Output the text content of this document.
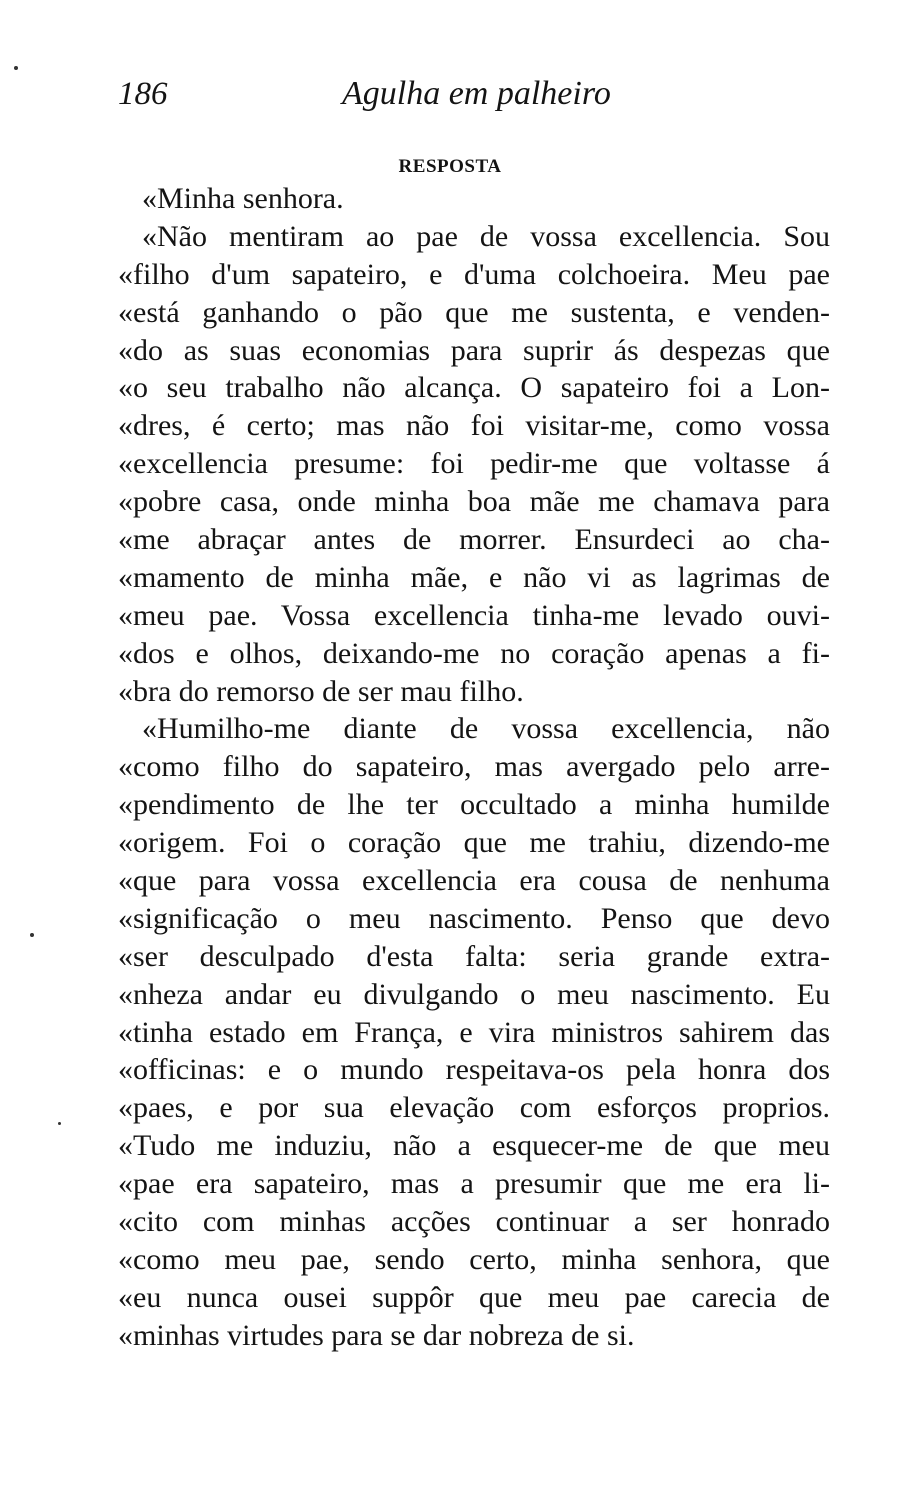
186	Agulha em palheiro
RESPOSTA
«Minha senhora.
«Não mentiram ao pae de vossa excellencia. Sou
«filho d'um sapateiro, e d'uma colchoeira. Meu pae
«está ganhando o pão que me sustenta, e venden-
«do as suas economias para suprir ás despezas que
«o seu trabalho não alcança. O sapateiro foi a Lon-
«dres, é certo; mas não foi visitar-me, como vossa
«excellencia presume: foi pedir-me que voltasse á
«pobre casa, onde minha boa mãe me chamava para
«me abraçar antes de morrer. Ensurdeci ao cha-
«mamento de minha mãe, e não vi as lagrimas de
«meu pae. Vossa excellencia tinha-me levado ouvi-
«dos e olhos, deixando-me no coração apenas a fi-
«bra do remorso de ser mau filho.
«Humilho-me diante de vossa excellencia, não
«como filho do sapateiro, mas avergado pelo arre-
«pendimento de lhe ter occultado a minha humilde
«origem. Foi o coração que me trahiu, dizendo-me
«que para vossa excellencia era cousa de nenhuma
«significação o meu nascimento. Penso que devo
«ser desculpado d'esta falta: seria grande extra-
«nheza andar eu divulgando o meu nascimento. Eu
«tinha estado em França, e vira ministros sahirem das
«officinas: e o mundo respeitava-os pela honra dos
«paes, e por sua elevação com esforços proprios.
«Tudo me induziu, não a esquecer-me de que meu
«pae era sapateiro, mas a presumir que me era li-
«cito com minhas acções continuar a ser honrado
«como meu pae, sendo certo, minha senhora, que
«eu nunca ousei suppôr que meu pae carecia de
«minhas virtudes para se dar nobreza de si.
